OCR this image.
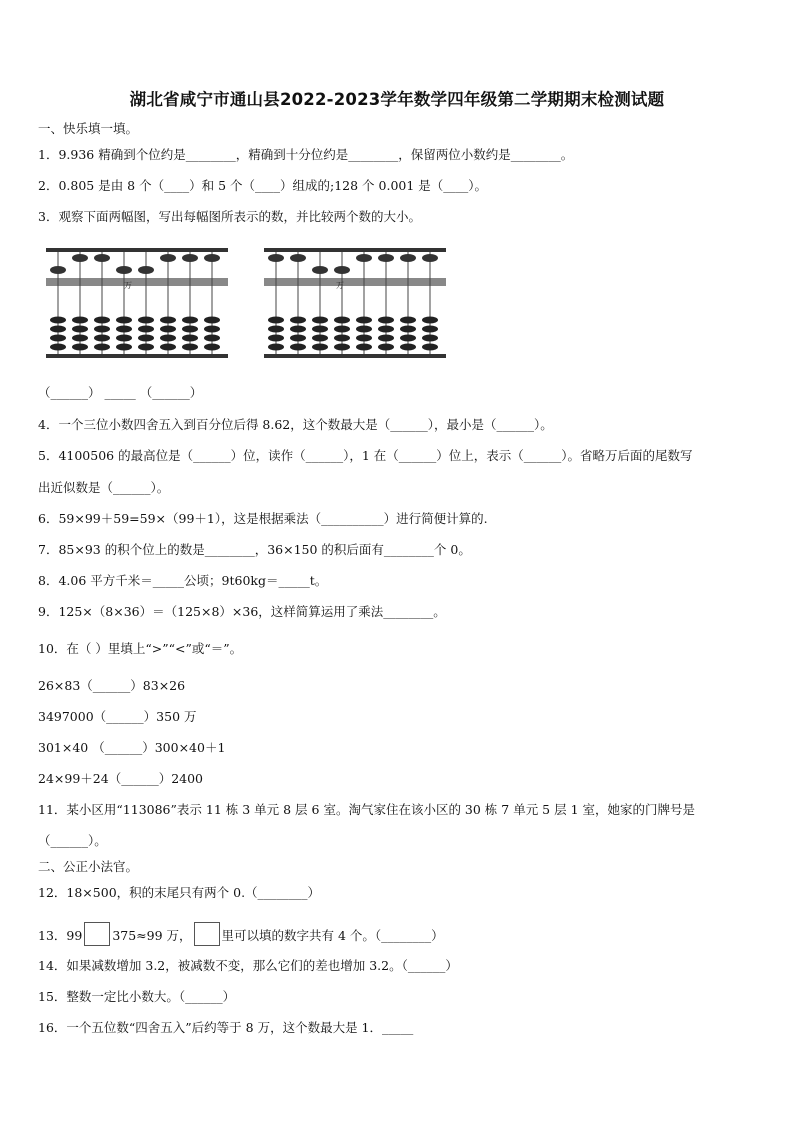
湖北省咸宁市通山县2022-2023学年数学四年级第二学期期末检测试题
一、快乐填一填。
1．9.936 精确到个位约是________，精确到十分位约是________，保留两位小数约是________。
2．0.805 是由 8 个（____）和 5 个（____）组成的;128 个 0.001 是（____）。
3．观察下面两幅图，写出每幅图所表示的数，并比较两个数的大小。
万	万
（______） _____ （______）
4．一个三位小数四舍五入到百分位后得 8.62，这个数最大是（______），最小是（______）。
5．4100506 的最高位是（______）位，读作（______），1 在（______）位上，表示（______）。省略万后面的尾数写
出近似数是（______）。
6．59×99＋59=59×（99＋1），这是根据乘法（__________）进行简便计算的.
7．85×93 的积个位上的数是________，36×150 的积后面有________个 0。
8．4.06 平方千米＝_____公顷；9t60kg＝_____t。
9．125×（8×36）＝（125×8）×36，这样简算运用了乘法________。
10．在（ ）里填上“>”“<”或“＝”。
26×83（______）83×26
3497000（______）350 万
301×40 （______）300×40＋1
24×99＋24（______）2400
11．某小区用“113086”表示 11 栋 3 单元 8 层 6 室。淘气家住在该小区的 30 栋 7 单元 5 层 1 室，她家的门牌号是
（______）。
二、公正小法官。
12．18×500，积的末尾只有两个 0.（________）
13．99 375≈99 万， 里可以填的数字共有 4 个。（________）
14．如果减数增加 3.2，被减数不变，那么它们的差也增加 3.2。（______）
15．整数一定比小数大。（______）
16．一个五位数“四舍五入”后约等于 8 万，这个数最大是 1．_____
